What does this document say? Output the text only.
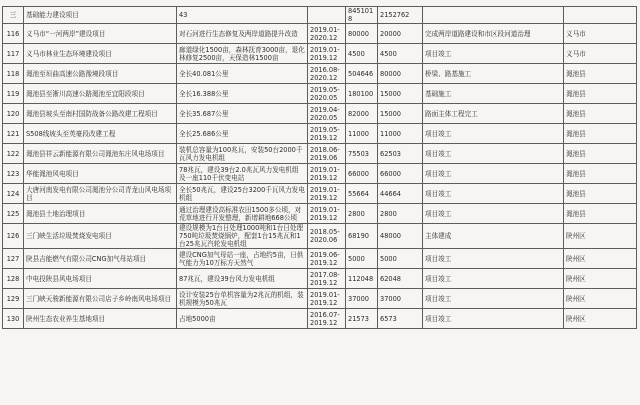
三	基础能力建设项目	43		8451018	2152762		
116	义马市“一河两岸”建设项目	对石河进行生态修复及两岸道路提升改造	2019.01-2020.12	80000	20000	完成两岸道路建设和市区段河道治理	义马市
117	义马市林业生态环境建设项目	廊道绿化1500亩，森林抚育3000亩，退化林修复2500亩，天保造林1500亩	2019.01-2019.12	4500	4500	项目竣工	义马市
118	渑池至垣曲高速公路豫境段项目	全长40.081公里	2016.08-2020.12	504646	80000	桥梁、路基施工	渑池县
119	渑池县至淅川高速公路渑池至宜阳段项目	全长16.388公里	2019.05-2020.05	180100	15000	基础施工	渑池县
120	渑池县坡头至南村国防战备公路改建工程项目	全长35.687公里	2019.04-2020.05	82000	15000	路面主体工程完工	渑池县
121	S508线坡头至英豪段改建工程	全长25.686公里	2019.05-2019.12	11000	11000	项目竣工	渑池县
122	渑池县祥云新能源有限公司渑池东庄风电场项目	装机总容量为100兆瓦，安装50台2000千瓦风力发电机组	2018.06-2019.06	75503	62503	项目竣工	渑池县
123	华能渑池风电项目	78兆瓦，建设39台2.0兆瓦风力发电机组及一座110千伏变电站	2019.01-2019.12	66000	66000	项目竣工	渑池县
124	大唐河南发电有限公司渑池分公司青龙山风电场项目	全长50兆瓦，建设25台3200千瓦风力发电机组	2019.01-2019.12	55664	44664	项目竣工	渑池县
125	渑池县土地治理项目	通过治理建设高标准农田1500多公顷，对荒草地进行开发整理，新增耕地668公顷	2019.01-2019.12	2800	2800	项目竣工	渑池县
126	三门峡生活垃圾焚烧发电项目	建设规模为1台日处理1000吨和1台日处理750吨垃圾焚烧锅炉，配套1台15兆瓦和1台25兆瓦汽轮发电机组	2018.05-2020.06	68190	48000	主体建成	陕州区
127	陕县吉能燃气有限公司CNG加气母站项目	建设CNG加气母站一座，占地约5亩，日供气能力为10万标方天然气	2019.06-2019.12	5000	5000	项目竣工	陕州区
128	中电投陕县风电场项目	87兆瓦，建设39台风力发电机组	2017.08-2019.12	112048	62048	项目竣工	陕州区
129	三门峡天骏新能源有限公司店子乡岭南风电场项目	设计安装25台单机容量为2兆瓦的机组，装机规模为50兆瓦	2019.01-2019.12	37000	37000	项目竣工	陕州区
130	陕州生态农业养生基地项目	占地5000亩	2016.07-2019.12	21573	6573	项目竣工	陕州区
